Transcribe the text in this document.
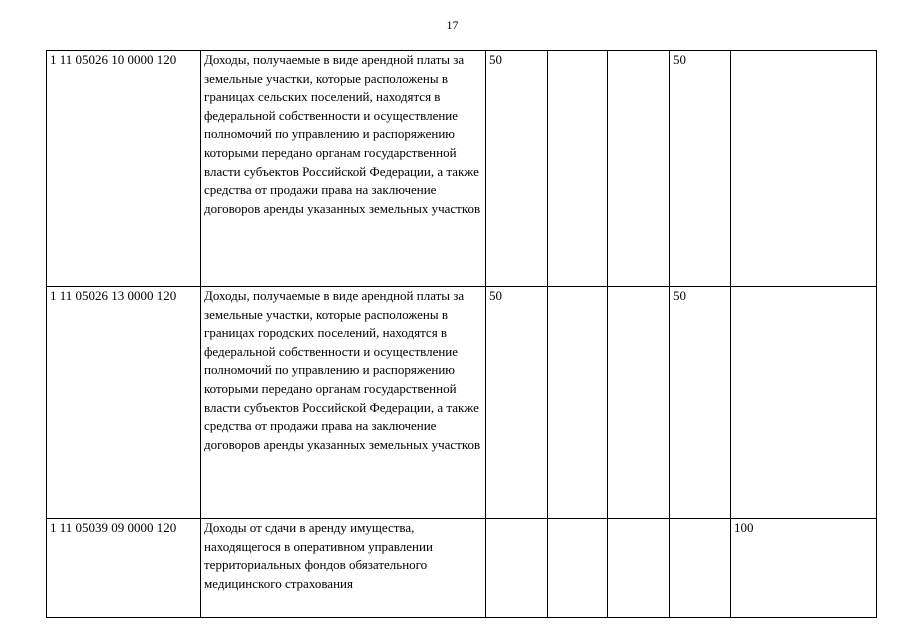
17
1 11 05026 10 0000 120	Доходы, получаемые в виде арендной платы за земельные участки, которые расположены в границах сельских поселений, находятся в федеральной собственности и осуществление полномочий по управлению и распоряжению которыми передано органам государственной власти субъектов Российской Федерации, а также средства от продажи права на заключение договоров аренды указанных земельных участков	50			50	
1 11 05026 13 0000 120	Доходы, получаемые в виде арендной платы за земельные участки, которые расположены в границах городских поселений, находятся в федеральной собственности и осуществление полномочий по управлению и распоряжению которыми передано органам государственной власти субъектов Российской Федерации, а также средства от продажи права на заключение договоров аренды указанных земельных участков	50			50	
1 11 05039 09 0000 120	Доходы от сдачи в аренду имущества, находящегося в оперативном управлении территориальных фондов обязательного медицинского страхования					100
